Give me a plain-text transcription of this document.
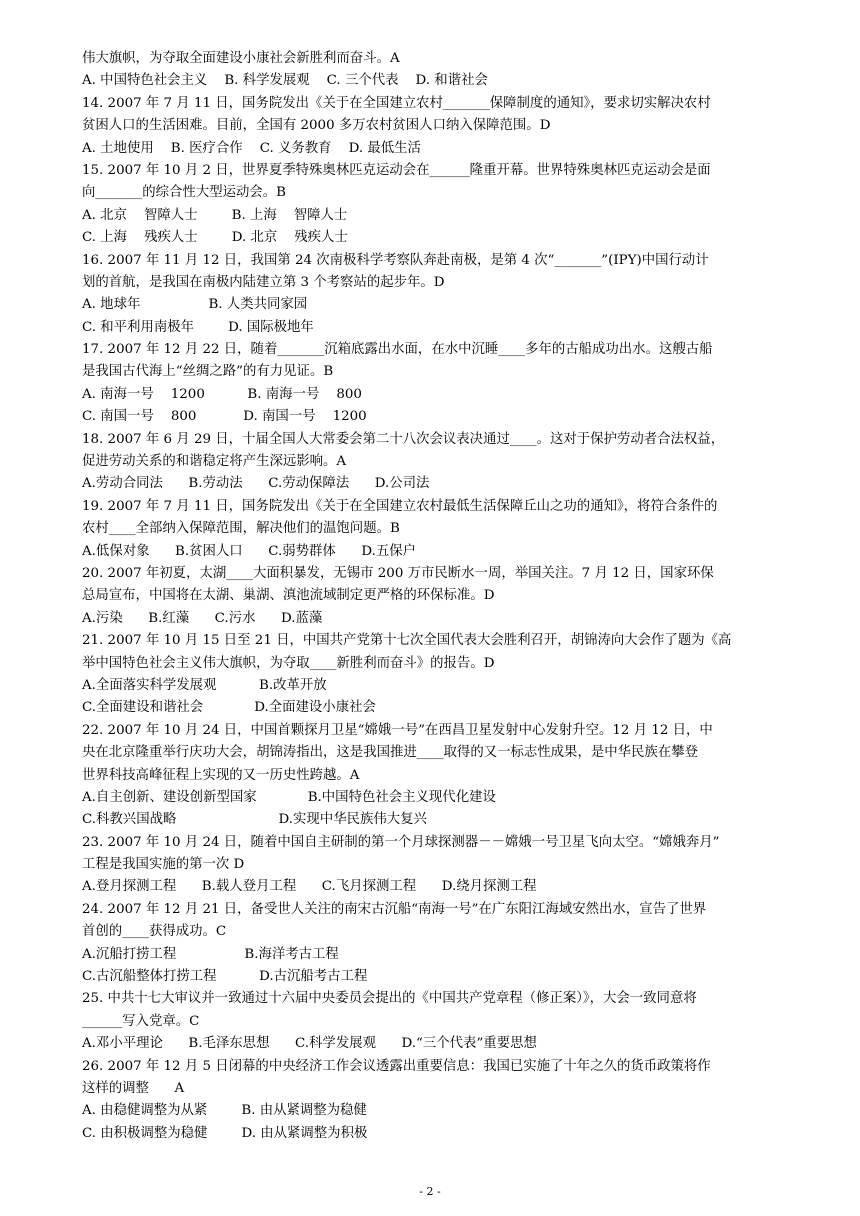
伟大旗帜，为夺取全面建设小康社会新胜利而奋斗。A
A. 中国特色社会主义    B. 科学发展观    C. 三个代表    D. 和谐社会
14. 2007 年 7 月 11 日，国务院发出《关于在全国建立农村_______保障制度的通知》，要求切实解决农村
贫困人口的生活困难。目前，全国有 2000 多万农村贫困人口纳入保障范围。D
A. 土地使用    B. 医疗合作    C. 义务教育    D. 最低生活
15. 2007 年 10 月 2 日，世界夏季特殊奥林匹克运动会在______隆重开幕。世界特殊奥林匹克运动会是面
向_______的综合性大型运动会。B
A. 北京    智障人士        B. 上海    智障人士
C. 上海    残疾人士        D. 北京    残疾人士
16. 2007 年 11 月 12 日，我国第 24 次南极科学考察队奔赴南极，是第 4 次“_______”(IPY)中国行动计
划的首航，是我国在南极内陆建立第 3 个考察站的起步年。D
A. 地球年                B. 人类共同家园
C. 和平利用南极年        D. 国际极地年
17. 2007 年 12 月 22 日，随着_______沉箱底露出水面，在水中沉睡____多年的古船成功出水。这艘古船
是我国古代海上“丝绸之路”的有力见证。B
A. 南海一号    1200          B. 南海一号    800
C. 南国一号    800           D. 南国一号    1200
18. 2007 年 6 月 29 日，十届全国人大常委会第二十八次会议表决通过____。这对于保护劳动者合法权益，
促进劳动关系的和谐稳定将产生深远影响。A
A.劳动合同法      B.劳动法      C.劳动保障法      D.公司法
19. 2007 年 7 月 11 日，国务院发出《关于在全国建立农村最低生活保障丘山之功的通知》，将符合条件的
农村____全部纳入保障范围，解决他们的温饱问题。B
A.低保对象      B.贫困人口      C.弱势群体      D.五保户
20. 2007 年初夏，太湖____大面积暴发，无锡市 200 万市民断水一周，举国关注。7 月 12 日，国家环保
总局宣布，中国将在太湖、巢湖、滇池流域制定更严格的环保标准。D
A.污染      B.红藻      C.污水      D.蓝藻
21. 2007 年 10 月 15 日至 21 日，中国共产党第十七次全国代表大会胜利召开，胡锦涛向大会作了题为《高
举中国特色社会主义伟大旗帜，为夺取____新胜利而奋斗》的报告。D
A.全面落实科学发展观          B.改革开放
C.全面建设和谐社会            D.全面建设小康社会
22. 2007 年 10 月 24 日，中国首颗探月卫星“嫦娥一号”在西昌卫星发射中心发射升空。12 月 12 日，中
央在北京隆重举行庆功大会，胡锦涛指出，这是我国推进____取得的又一标志性成果，是中华民族在攀登
世界科技高峰征程上实现的又一历史性跨越。A
A.自主创新、建设创新型国家            B.中国特色社会主义现代化建设
C.科教兴国战略                        D.实现中华民族伟大复兴
23. 2007 年 10 月 24 日，随着中国自主研制的第一个月球探测器－－嫦娥一号卫星飞向太空。“嫦娥奔月”
工程是我国实施的第一次 D
A.登月探测工程      B.载人登月工程      C.飞月探测工程      D.绕月探测工程
24. 2007 年 12 月 21 日，备受世人关注的南宋古沉船“南海一号”在广东阳江海域安然出水，宣告了世界
首创的____获得成功。C
A.沉船打捞工程                B.海洋考古工程
C.古沉船整体打捞工程          D.古沉船考古工程
25. 中共十七大审议并一致通过十六届中央委员会提出的《中国共产党章程（修正案）》，大会一致同意将
______写入党章。C
A.邓小平理论      B.毛泽东思想      C.科学发展观      D.“三个代表”重要思想
26. 2007 年 12 月 5 日闭幕的中央经济工作会议透露出重要信息：我国已实施了十年之久的货币政策将作
这样的调整      A
A. 由稳健调整为从紧        B. 由从紧调整为稳健
C. 由积极调整为稳健        D. 由从紧调整为积极
- 2 -
